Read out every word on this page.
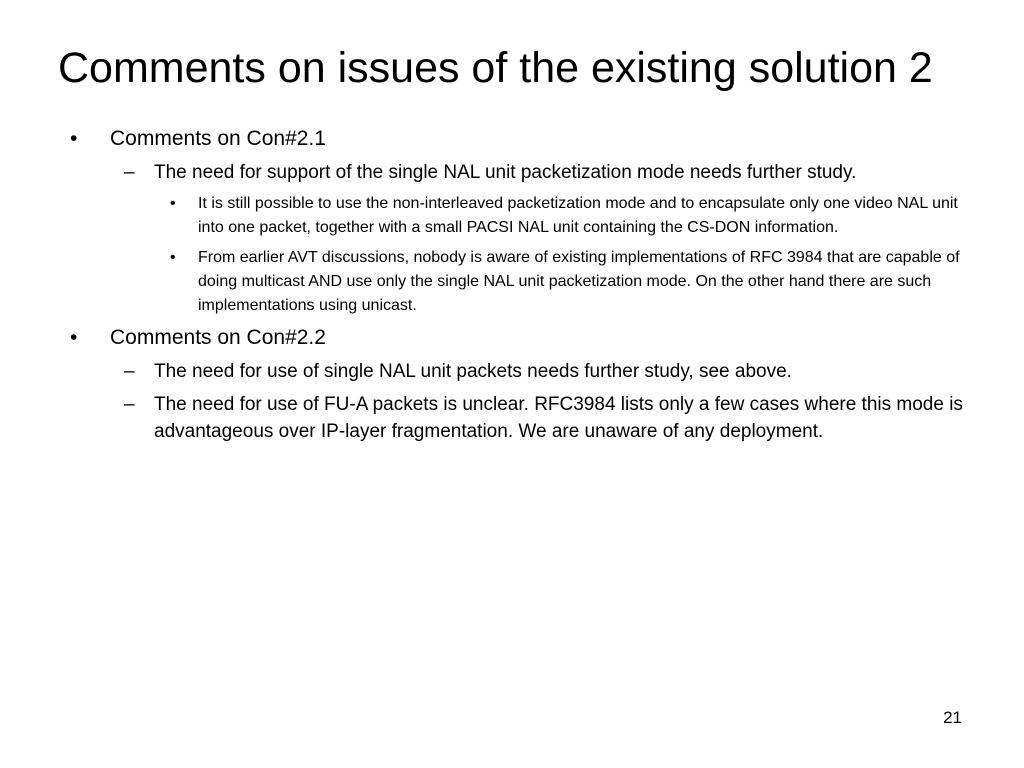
Comments on issues of the existing solution 2
•	Comments on Con#2.1
– The need for support of the single NAL unit packetization mode needs further study.
• It is still possible to use the non-interleaved packetization mode and to encapsulate only one video NAL unit into one packet, together with a small PACSI NAL unit containing the CS-DON information.
• From earlier AVT discussions, nobody is aware of existing implementations of RFC 3984 that are capable of doing multicast AND use only the single NAL unit packetization mode. On the other hand there are such implementations using unicast.
•	Comments on Con#2.2
– The need for use of single NAL unit packets needs further study, see above.
– The need for use of FU-A packets is unclear. RFC3984 lists only a few cases where this mode is advantageous over IP-layer fragmentation. We are unaware of any deployment.
21
